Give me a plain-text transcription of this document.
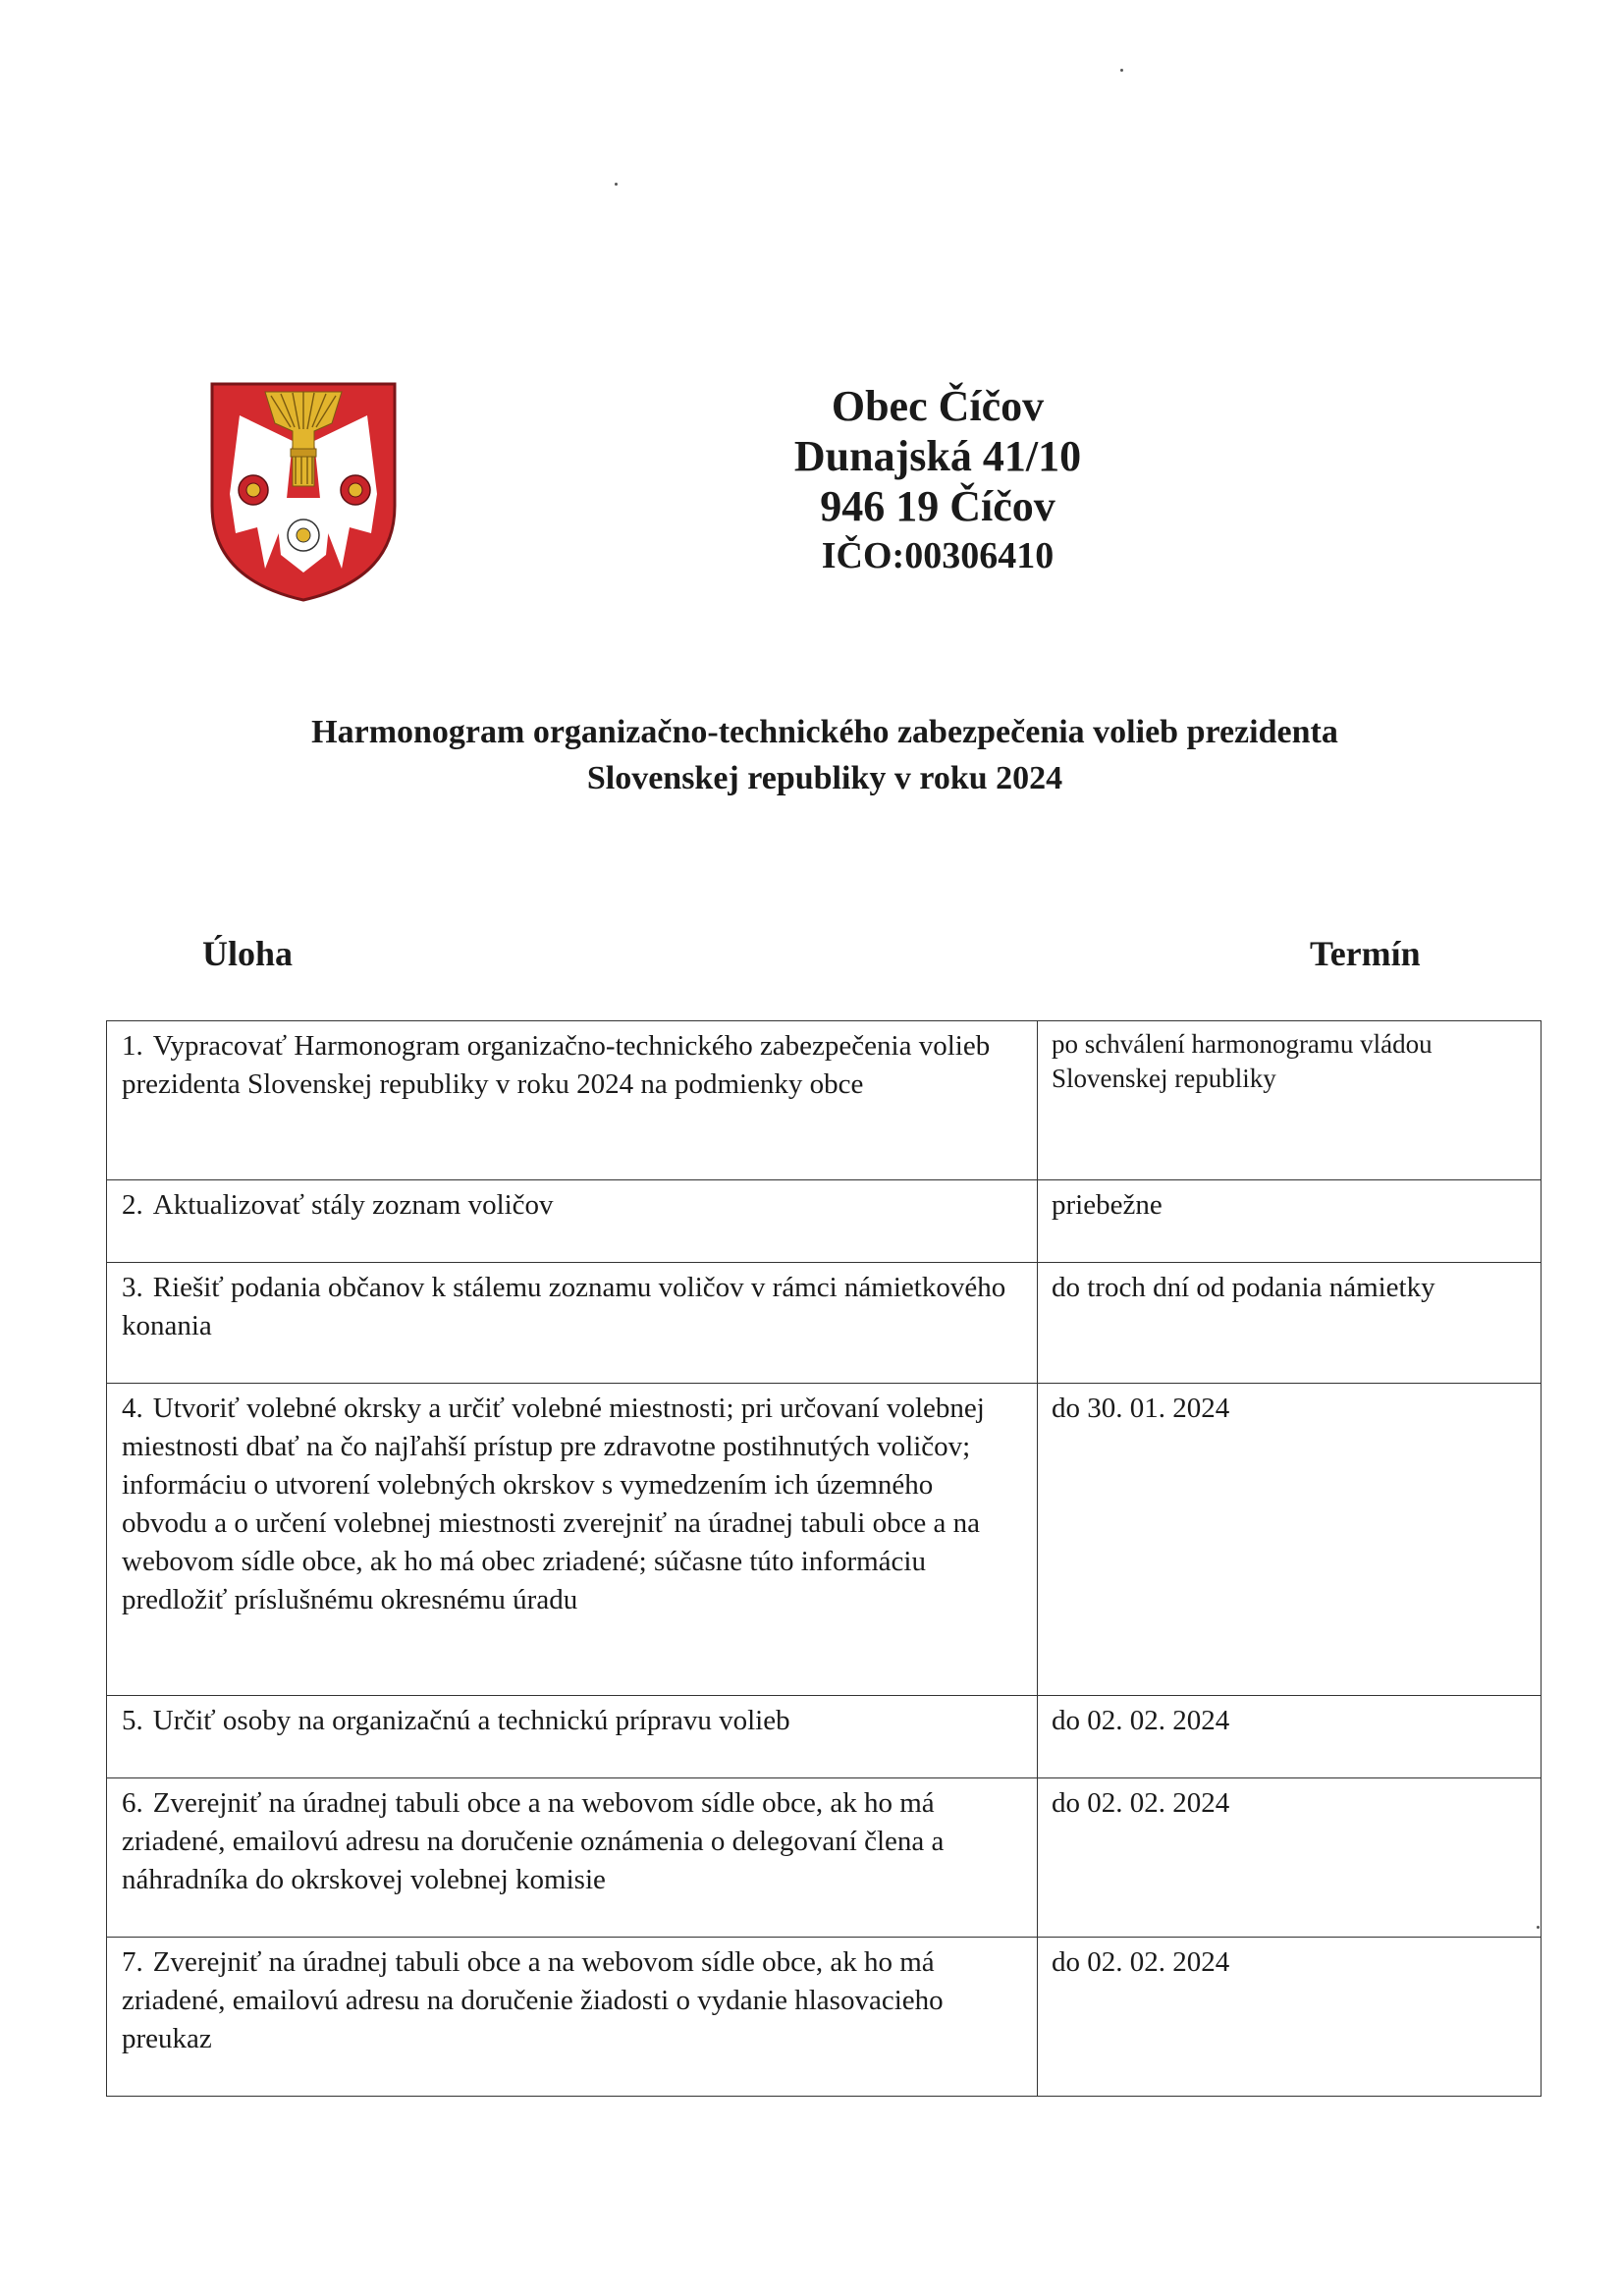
Obec Číčov
Dunajská 41/10
946 19 Číčov
IČO:00306410
Harmonogram organizačno-technického zabezpečenia volieb prezidenta
Slovenskej republiky v roku 2024
Úloha	Termín
1. Vypracovať Harmonogram organizačno-technického zabezpečenia volieb prezidenta Slovenskej republiky v roku 2024 na podmienky obce	po schválení harmonogramu vládou Slovenskej republiky
2. Aktualizovať stály zoznam voličov	priebežne
3. Riešiť podania občanov k stálemu zoznamu voličov v rámci námietkového konania	do troch dní od podania námietky
4. Utvoriť volebné okrsky a určiť volebné miestnosti; pri určovaní volebnej miestnosti dbať na čo najľahší prístup pre zdravotne postihnutých voličov; informáciu o utvorení volebných okrskov s vymedzením ich územného obvodu a o určení volebnej miestnosti zverejniť na úradnej tabuli obce a na webovom sídle obce, ak ho má obec zriadené; súčasne túto informáciu predložiť príslušnému okresnému úradu	do 30. 01. 2024
5. Určiť osoby na organizačnú a technickú prípravu volieb	do 02. 02. 2024
6. Zverejniť na úradnej tabuli obce a na webovom sídle obce, ak ho má zriadené, emailovú adresu na doručenie oznámenia o delegovaní člena a náhradníka do okrskovej volebnej komisie	do 02. 02. 2024
7. Zverejniť na úradnej tabuli obce a na webovom sídle obce, ak ho má zriadené, emailovú adresu na doručenie žiadosti o vydanie hlasovacieho preukaz	do 02. 02. 2024
